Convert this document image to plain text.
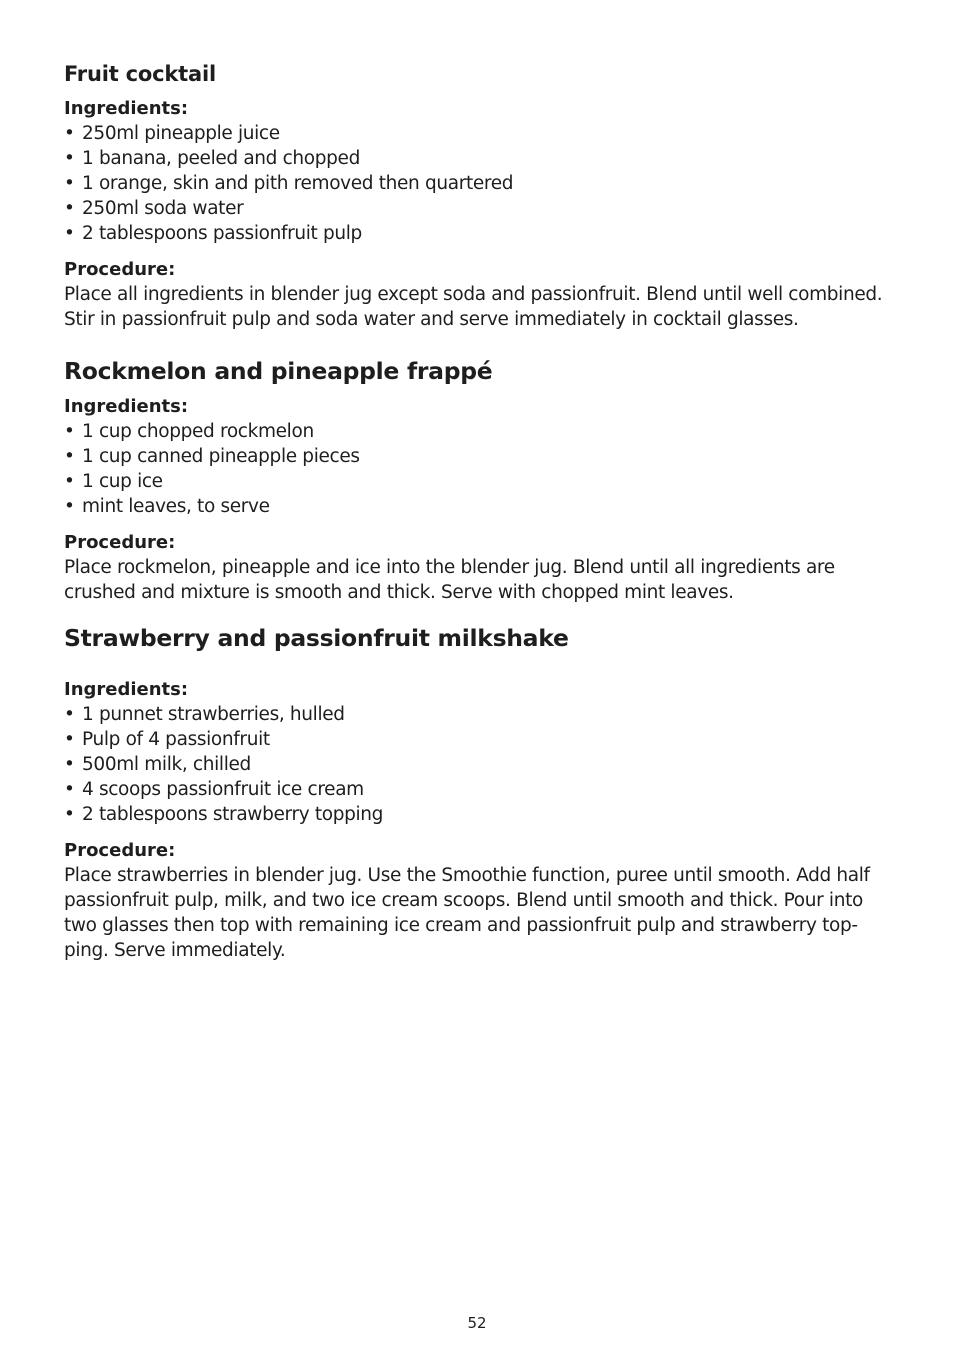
Fruit cocktail
Ingredients:
• 250ml pineapple juice
• 1 banana, peeled and chopped
• 1 orange, skin and pith removed then quartered
• 250ml soda water
• 2 tablespoons passionfruit pulp
Procedure:
Place all ingredients in blender jug except soda and passionfruit. Blend until well combined.
Stir in passionfruit pulp and soda water and serve immediately in cocktail glasses.
Rockmelon and pineapple frappé
Ingredients:
• 1 cup chopped rockmelon
• 1 cup canned pineapple pieces
• 1 cup ice
• mint leaves, to serve
Procedure:
Place rockmelon, pineapple and ice into the blender jug. Blend until all ingredients are
crushed and mixture is smooth and thick. Serve with chopped mint leaves.
Strawberry and passionfruit milkshake
Ingredients:
• 1 punnet strawberries, hulled
• Pulp of 4 passionfruit
• 500ml milk, chilled
• 4 scoops passionfruit ice cream
• 2 tablespoons strawberry topping
Procedure:
Place strawberries in blender jug. Use the Smoothie function, puree until smooth. Add half
passionfruit pulp, milk, and two ice cream scoops. Blend until smooth and thick. Pour into
two glasses then top with remaining ice cream and passionfruit pulp and strawberry top-
ping. Serve immediately.
52
